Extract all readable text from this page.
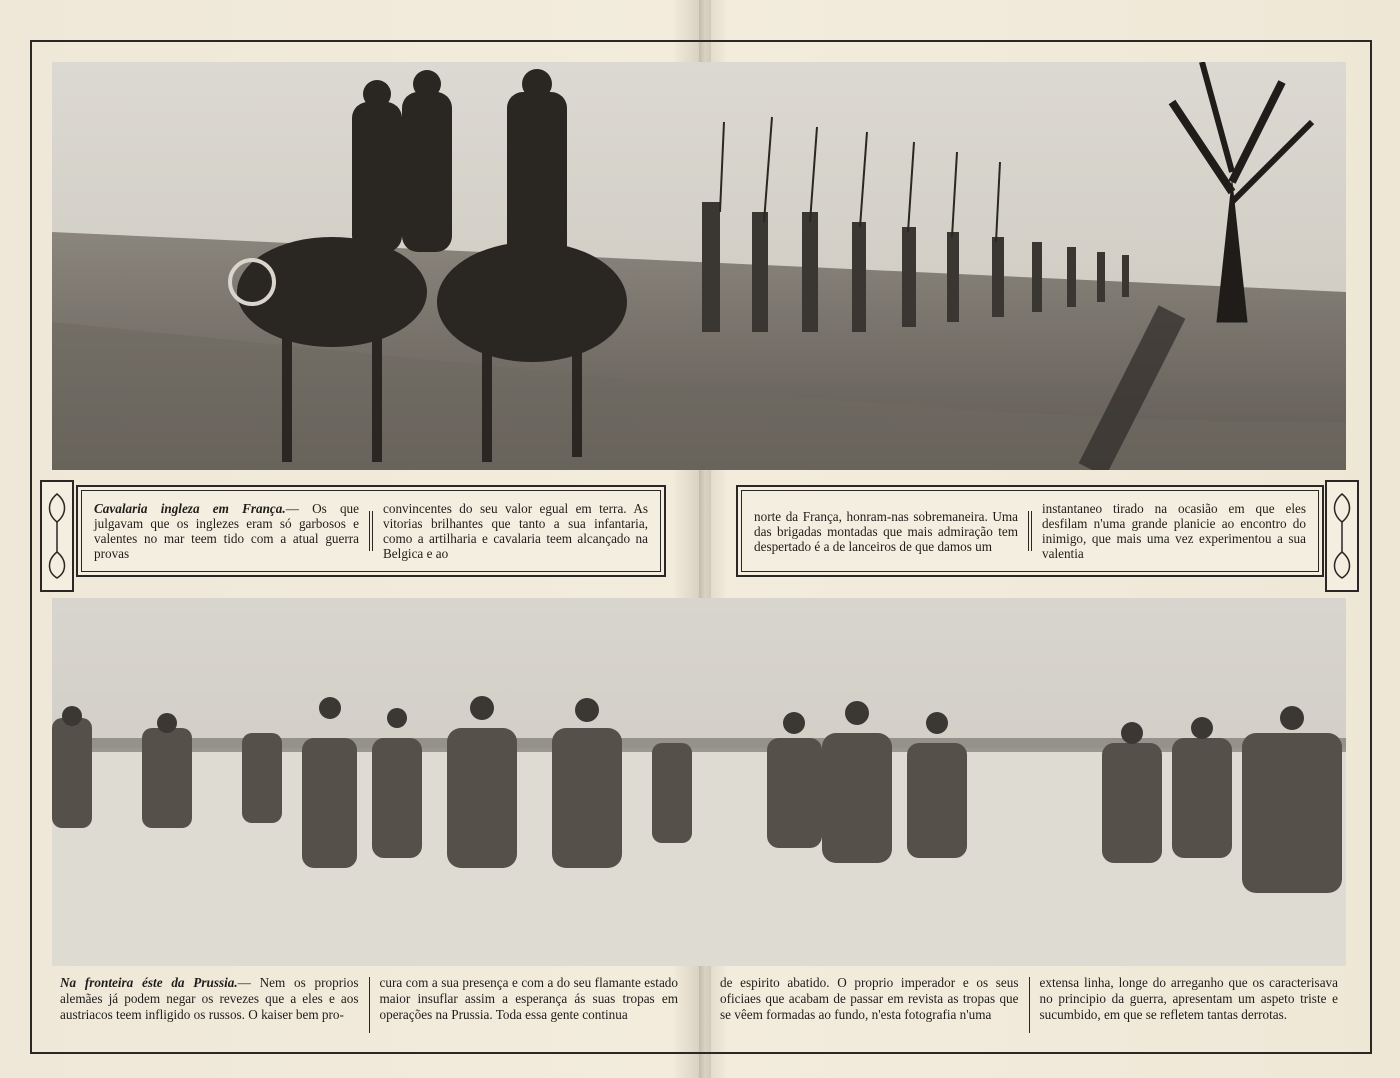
Cavalaria ingleza em França.— Os que julgavam que os inglezes eram só garbosos e valentes no mar teem tido com a atual guerra provas
convincentes do seu valor egual em terra. As vitorias brilhantes que tanto a sua infantaria, como a artilharia e cavalaria teem alcançado na Belgica e ao
norte da França, honram-nas sobremaneira. Uma das brigadas montadas que mais admiração tem despertado é a de lanceiros de que damos um
instantaneo tirado na ocasião em que eles desfilam n'uma grande planicie ao encontro do inimigo, que mais uma vez experimentou a sua valentia
Na fronteira éste da Prussia.— Nem os proprios alemães já podem negar os revezes que a eles e aos austriacos teem infligido os russos. O kaiser bem pro-
cura com a sua presença e com a do seu flamante estado maior insuflar assim a esperança ás suas tropas em operações na Prussia. Toda essa gente continua
de espirito abatido. O proprio imperador e os seus oficiaes que acabam de passar em revista as tropas que se vêem formadas ao fundo, n'esta fotografia n'uma
extensa linha, longe do arreganho que os caracterisava no principio da guerra, apresentam um aspeto triste e sucumbido, em que se refletem tantas derrotas.
